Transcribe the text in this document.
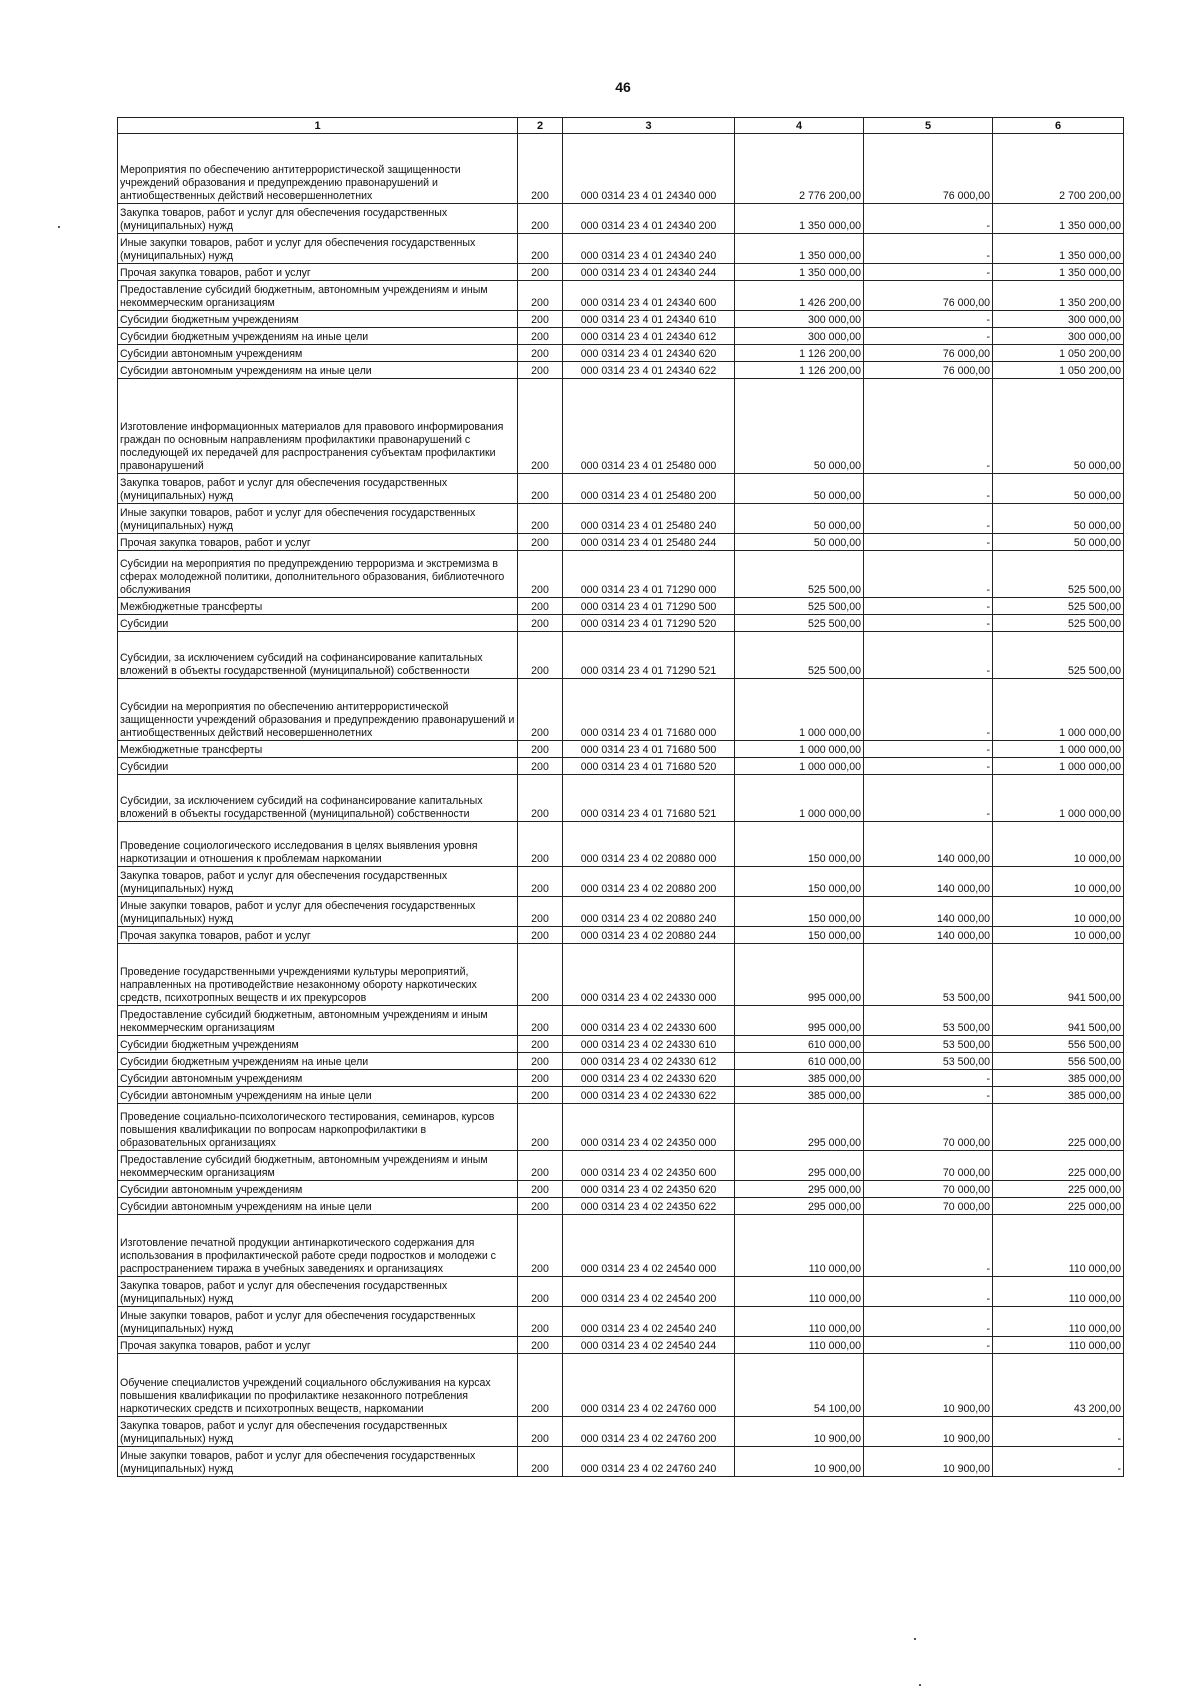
46
1	2	3	4	5	6
Мероприятия по обеспечению антитеррористической защищенности учреждений образования и предупреждению правонарушений и антиобщественных действий несовершеннолетних	200	000 0314 23 4 01 24340 000	2 776 200,00	76 000,00	2 700 200,00
Закупка товаров, работ и услуг для обеспечения государственных (муниципальных) нужд	200	000 0314 23 4 01 24340 200	1 350 000,00	-	1 350 000,00
Иные закупки товаров, работ и услуг для обеспечения государственных (муниципальных) нужд	200	000 0314 23 4 01 24340 240	1 350 000,00	-	1 350 000,00
Прочая закупка товаров, работ и услуг	200	000 0314 23 4 01 24340 244	1 350 000,00	-	1 350 000,00
Предоставление субсидий бюджетным, автономным учреждениям и иным некоммерческим организациям	200	000 0314 23 4 01 24340 600	1 426 200,00	76 000,00	1 350 200,00
Субсидии бюджетным учреждениям	200	000 0314 23 4 01 24340 610	300 000,00	-	300 000,00
Субсидии бюджетным учреждениям на иные цели	200	000 0314 23 4 01 24340 612	300 000,00	-	300 000,00
Субсидии автономным учреждениям	200	000 0314 23 4 01 24340 620	1 126 200,00	76 000,00	1 050 200,00
Субсидии автономным учреждениям на иные цели	200	000 0314 23 4 01 24340 622	1 126 200,00	76 000,00	1 050 200,00
Изготовление информационных материалов для правового информирования граждан по основным направлениям профилактики правонарушений с последующей их передачей для распространения субъектам профилактики правонарушений	200	000 0314 23 4 01 25480 000	50 000,00	-	50 000,00
Закупка товаров, работ и услуг для обеспечения государственных (муниципальных) нужд	200	000 0314 23 4 01 25480 200	50 000,00	-	50 000,00
Иные закупки товаров, работ и услуг для обеспечения государственных (муниципальных) нужд	200	000 0314 23 4 01 25480 240	50 000,00	-	50 000,00
Прочая закупка товаров, работ и услуг	200	000 0314 23 4 01 25480 244	50 000,00	-	50 000,00
Субсидии на мероприятия по предупреждению терроризма и экстремизма в сферах молодежной политики, дополнительного образования, библиотечного обслуживания	200	000 0314 23 4 01 71290 000	525 500,00	-	525 500,00
Межбюджетные трансферты	200	000 0314 23 4 01 71290 500	525 500,00	-	525 500,00
Субсидии	200	000 0314 23 4 01 71290 520	525 500,00	-	525 500,00
Субсидии, за исключением субсидий на софинансирование капитальных вложений в объекты государственной (муниципальной) собственности	200	000 0314 23 4 01 71290 521	525 500,00	-	525 500,00
Субсидии на мероприятия по обеспечению антитеррористической защищенности учреждений образования и предупреждению правонарушений и антиобщественных действий несовершеннолетних	200	000 0314 23 4 01 71680 000	1 000 000,00	-	1 000 000,00
Межбюджетные трансферты	200	000 0314 23 4 01 71680 500	1 000 000,00	-	1 000 000,00
Субсидии	200	000 0314 23 4 01 71680 520	1 000 000,00	-	1 000 000,00
Субсидии, за исключением субсидий на софинансирование капитальных вложений в объекты государственной (муниципальной) собственности	200	000 0314 23 4 01 71680 521	1 000 000,00	-	1 000 000,00
Проведение социологического исследования в целях выявления уровня наркотизации и отношения к проблемам наркомании	200	000 0314 23 4 02 20880 000	150 000,00	140 000,00	10 000,00
Закупка товаров, работ и услуг для обеспечения государственных (муниципальных) нужд	200	000 0314 23 4 02 20880 200	150 000,00	140 000,00	10 000,00
Иные закупки товаров, работ и услуг для обеспечения государственных (муниципальных) нужд	200	000 0314 23 4 02 20880 240	150 000,00	140 000,00	10 000,00
Прочая закупка товаров, работ и услуг	200	000 0314 23 4 02 20880 244	150 000,00	140 000,00	10 000,00
Проведение государственными учреждениями культуры мероприятий, направленных на противодействие незаконному обороту наркотических средств, психотропных веществ и их прекурсоров	200	000 0314 23 4 02 24330 000	995 000,00	53 500,00	941 500,00
Предоставление субсидий бюджетным, автономным учреждениям и иным некоммерческим организациям	200	000 0314 23 4 02 24330 600	995 000,00	53 500,00	941 500,00
Субсидии бюджетным учреждениям	200	000 0314 23 4 02 24330 610	610 000,00	53 500,00	556 500,00
Субсидии бюджетным учреждениям на иные цели	200	000 0314 23 4 02 24330 612	610 000,00	53 500,00	556 500,00
Субсидии автономным учреждениям	200	000 0314 23 4 02 24330 620	385 000,00	-	385 000,00
Субсидии автономным учреждениям на иные цели	200	000 0314 23 4 02 24330 622	385 000,00	-	385 000,00
Проведение социально-психологического тестирования, семинаров, курсов повышения квалификации по вопросам наркопрофилактики в образовательных организациях	200	000 0314 23 4 02 24350 000	295 000,00	70 000,00	225 000,00
Предоставление субсидий бюджетным, автономным учреждениям и иным некоммерческим организациям	200	000 0314 23 4 02 24350 600	295 000,00	70 000,00	225 000,00
Субсидии автономным учреждениям	200	000 0314 23 4 02 24350 620	295 000,00	70 000,00	225 000,00
Субсидии автономным учреждениям на иные цели	200	000 0314 23 4 02 24350 622	295 000,00	70 000,00	225 000,00
Изготовление печатной продукции антинаркотического содержания для использования в профилактической работе среди подростков и молодежи с распространением тиража в учебных заведениях и организациях	200	000 0314 23 4 02 24540 000	110 000,00	-	110 000,00
Закупка товаров, работ и услуг для обеспечения государственных (муниципальных) нужд	200	000 0314 23 4 02 24540 200	110 000,00	-	110 000,00
Иные закупки товаров, работ и услуг для обеспечения государственных (муниципальных) нужд	200	000 0314 23 4 02 24540 240	110 000,00	-	110 000,00
Прочая закупка товаров, работ и услуг	200	000 0314 23 4 02 24540 244	110 000,00	-	110 000,00
Обучение специалистов учреждений социального обслуживания на курсах повышения квалификации по профилактике незаконного потребления наркотических средств и психотропных веществ, наркомании	200	000 0314 23 4 02 24760 000	54 100,00	10 900,00	43 200,00
Закупка товаров, работ и услуг для обеспечения государственных (муниципальных) нужд	200	000 0314 23 4 02 24760 200	10 900,00	10 900,00	-
Иные закупки товаров, работ и услуг для обеспечения государственных (муниципальных) нужд	200	000 0314 23 4 02 24760 240	10 900,00	10 900,00	-
